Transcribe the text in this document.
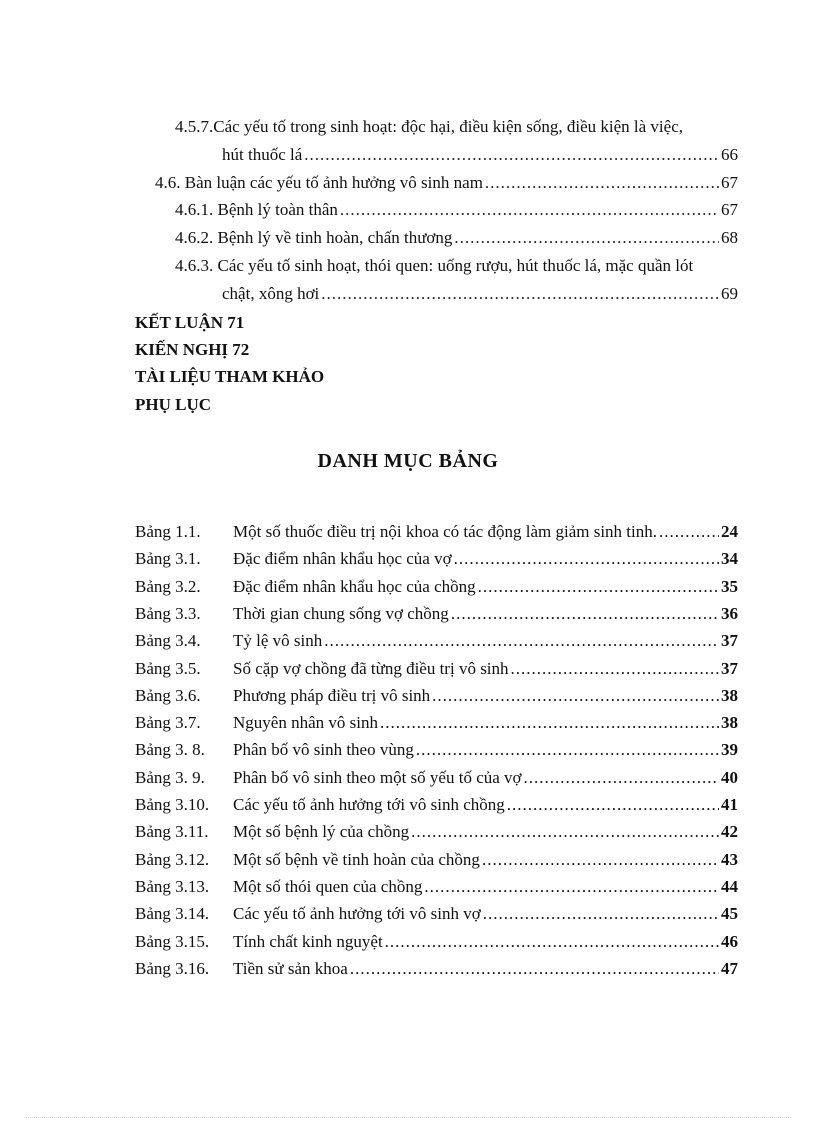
4.5.7.Các yếu tố trong sinh hoạt: độc hại, điều kiện sống, điều kiện là việc,
hút thuốc lá .....	66
4.6. Bàn luận các yếu tố ảnh hưởng vô sinh nam .....	67
4.6.1. Bệnh lý toàn thân .....	67
4.6.2. Bệnh lý về tinh hoàn, chấn thương .....	68
4.6.3. Các yếu tố sinh hoạt, thói quen: uống rượu, hút thuốc lá, mặc quần lót
chật, xông hơi .....	69
KẾT LUẬN 71
KIẾN NGHỊ 72
TÀI LIỆU THAM KHẢO
PHỤ LỤC
DANH MỤC BẢNG
Bảng 1.1.	Một số thuốc điều trị nội khoa có tác động làm giảm sinh tinh. .....	24
Bảng 3.1.	Đặc điểm nhân khẩu học của vợ .....	34
Bảng 3.2.	Đặc điểm nhân khẩu học của chồng .....	35
Bảng 3.3.	Thời gian chung sống vợ chồng .....	36
Bảng 3.4.	Tỷ lệ vô sinh .....	37
Bảng 3.5.	Số cặp vợ chồng đã từng điều trị vô sinh .....	37
Bảng 3.6.	Phương pháp điều trị vô sinh .....	38
Bảng 3.7.	Nguyên nhân vô sinh .....	38
Bảng 3. 8.	Phân bố vô sinh theo vùng .....	39
Bảng 3. 9.	Phân bố vô sinh theo một số yếu tố của vợ .....	40
Bảng 3.10.	Các yếu tố ảnh hưởng tới vô sinh chồng .....	41
Bảng 3.11.	Một số bệnh lý của chồng .....	42
Bảng 3.12.	Một số bệnh về tinh hoàn của chồng .....	43
Bảng 3.13.	Một số thói quen của chồng .....	44
Bảng 3.14.	Các yếu tố ảnh hưởng tới vô sinh vợ .....	45
Bảng 3.15.	Tính chất kinh nguyệt .....	46
Bảng 3.16.	Tiền sử sản khoa .....	47
